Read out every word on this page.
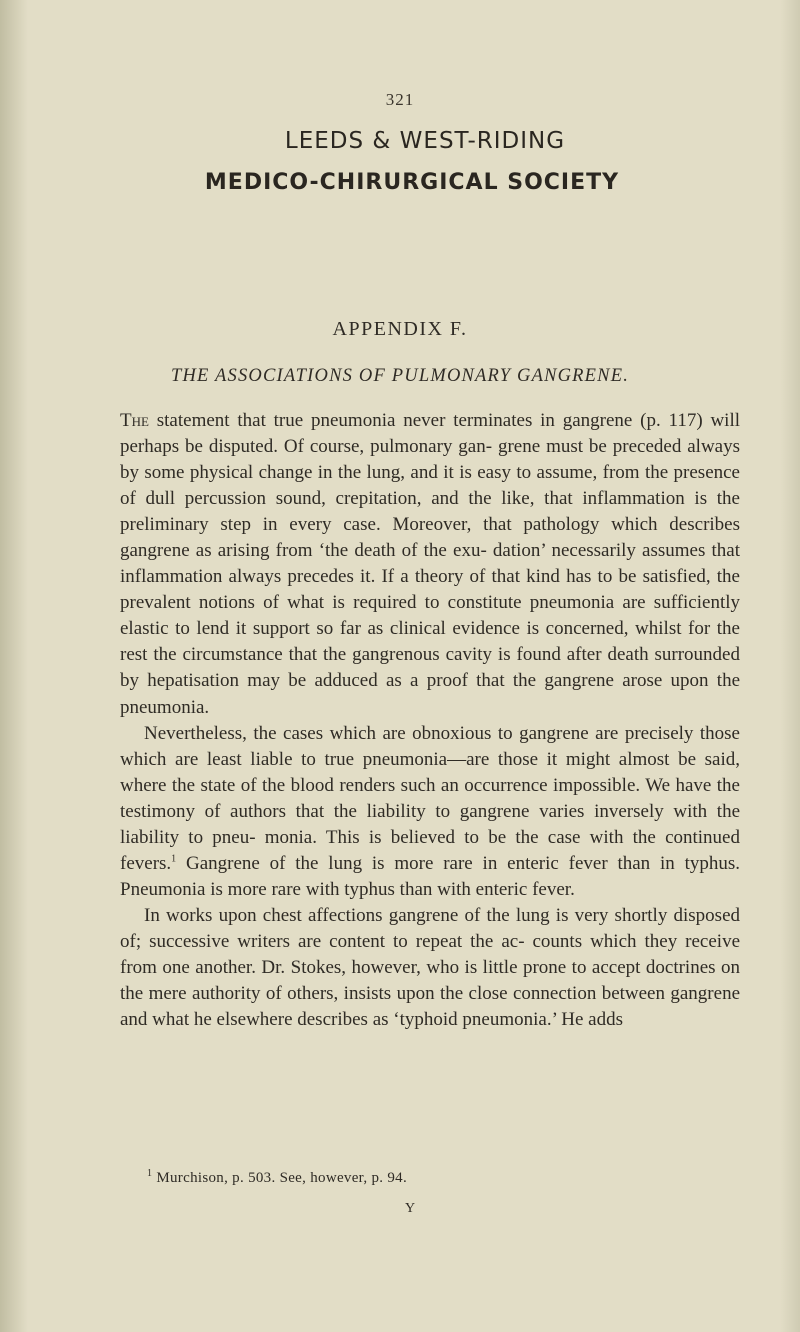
321
LEEDS & WEST-RIDING
MEDICO-CHIRURGICAL SOCIETY
APPENDIX F.
THE ASSOCIATIONS OF PULMONARY GANGRENE.

The statement that true pneumonia never terminates in gangrene (p. 117) will perhaps be disputed. Of course, pulmonary gan- grene must be preceded always by some physical change in the lung, and it is easy to assume, from the presence of dull percussion sound, crepitation, and the like, that inflammation is the preliminary step in every case. Moreover, that pathology which describes gangrene as arising from ‘the death of the exu- dation’ necessarily assumes that inflammation always precedes it. If a theory of that kind has to be satisfied, the prevalent notions of what is required to constitute pneumonia are sufficiently elastic to lend it support so far as clinical evidence is concerned, whilst for the rest the circumstance that the gangrenous cavity is found after death surrounded by hepatisation may be adduced as a proof that the gangrene arose upon the pneumonia.

Nevertheless, the cases which are obnoxious to gangrene are precisely those which are least liable to true pneumonia—are those it might almost be said, where the state of the blood renders such an occurrence impossible. We have the testimony of authors that the liability to gangrene varies inversely with the liability to pneu- monia. This is believed to be the case with the continued fevers.$^1$ Gangrene of the lung is more rare in enteric fever than in typhus. Pneumonia is more rare with typhus than with enteric fever.

In works upon chest affections gangrene of the lung is very shortly disposed of; successive writers are content to repeat the ac- counts which they receive from one another. Dr. Stokes, however, who is little prone to accept doctrines on the mere authority of others, insists upon the close connection between gangrene and what he elsewhere describes as ‘typhoid pneumonia.’ He adds

$^1$ Murchison, p. 503. See, however, p. 94.
Y
